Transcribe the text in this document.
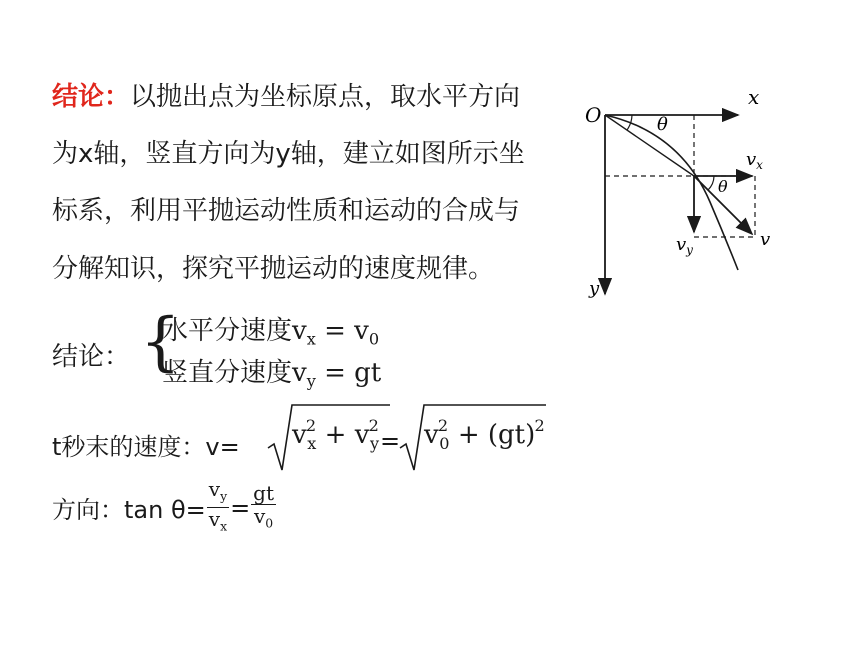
结论：以抛出点为坐标原点，取水平方向
为x轴，竖直方向为y轴，建立如图所示坐
标系，利用平抛运动性质和运动的合成与
分解知识，探究平抛运动的速度规律。
结论： {
水平分速度$v_x = v_0$
竖直分速度$v_y$ = gt
t秒末的速度：$v= v^2_x + v^2_y = v^2_0 + (gt)^2$
方向：$\tan \theta= \frac{v_y}{v_x} = \frac{gt}{v_0}$
O
x
y
θ
θ
$v_x$
$v_y$	v
